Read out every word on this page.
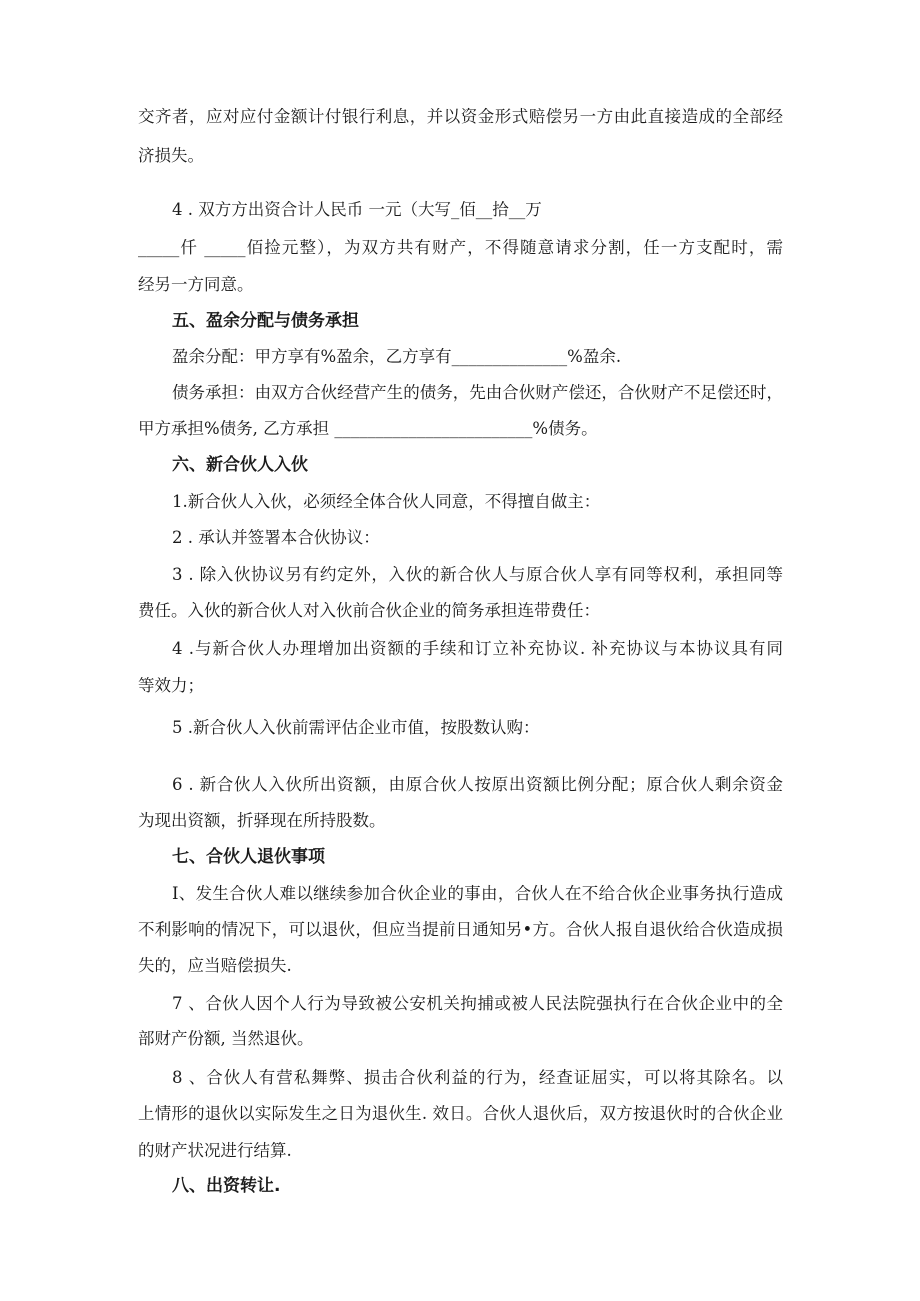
交齐者，应对应付金额计付银行利息，并以资金形式赔偿另一方由此直接造成的全部经
济损失。
4 . 双方方出资合计人民币 一元（大写_佰__拾__万
_____仟 _____佰捡元整），为双方共有财产，不得随意请求分割，任一方支配时，需
经另一方同意。
五、盈余分配与债务承担
盈余分配：甲方享有%盈余，乙方享有______________%盈余.
债务承担：由双方合伙经营产生的债务，先由合伙财产偿还，合伙财产不足偿还时，
甲方承担%债务, 乙方承担 ________________________%债务。
六、新合伙人入伙
1.新合伙人入伙，必须经全体合伙人同意，不得擅自做主：
2 . 承认并签署本合伙协议：
3 . 除入伙协议另有约定外，入伙的新合伙人与原合伙人享有同等权利，承担同等
费任。入伙的新合伙人对入伙前合伙企业的简务承担连带费任：
4 .与新合伙人办理增加出资额的手续和订立补充协议. 补充协议与本协议具有同
等效力；
5 .新合伙人入伙前需评估企业市值，按股数认购：
6 . 新合伙人入伙所出资额，由原合伙人按原出资额比例分配；原合伙人剩余资金
为现出资额，折驿现在所持股数。
七、合伙人退伙事项
I、发生合伙人难以继续参加合伙企业的事由，合伙人在不给合伙企业事务执行造成
不利影响的情况下，可以退伙，但应当提前日通知另•方。合伙人报自退伙给合伙造成损
失的，应当赔偿损失.
7 、合伙人因个人行为导致被公安机关拘捕或被人民法院强执行在合伙企业中的全
部财产份额, 当然退伙。
8 、合伙人有营私舞弊、损击合伙利益的行为，经查证屈实，可以将其除名。以
上情形的退伙以实际发生之日为退伙生. 效日。合伙人退伙后，双方按退伙时的合伙企业
的财产状况进行结算.
八、出资转让.
